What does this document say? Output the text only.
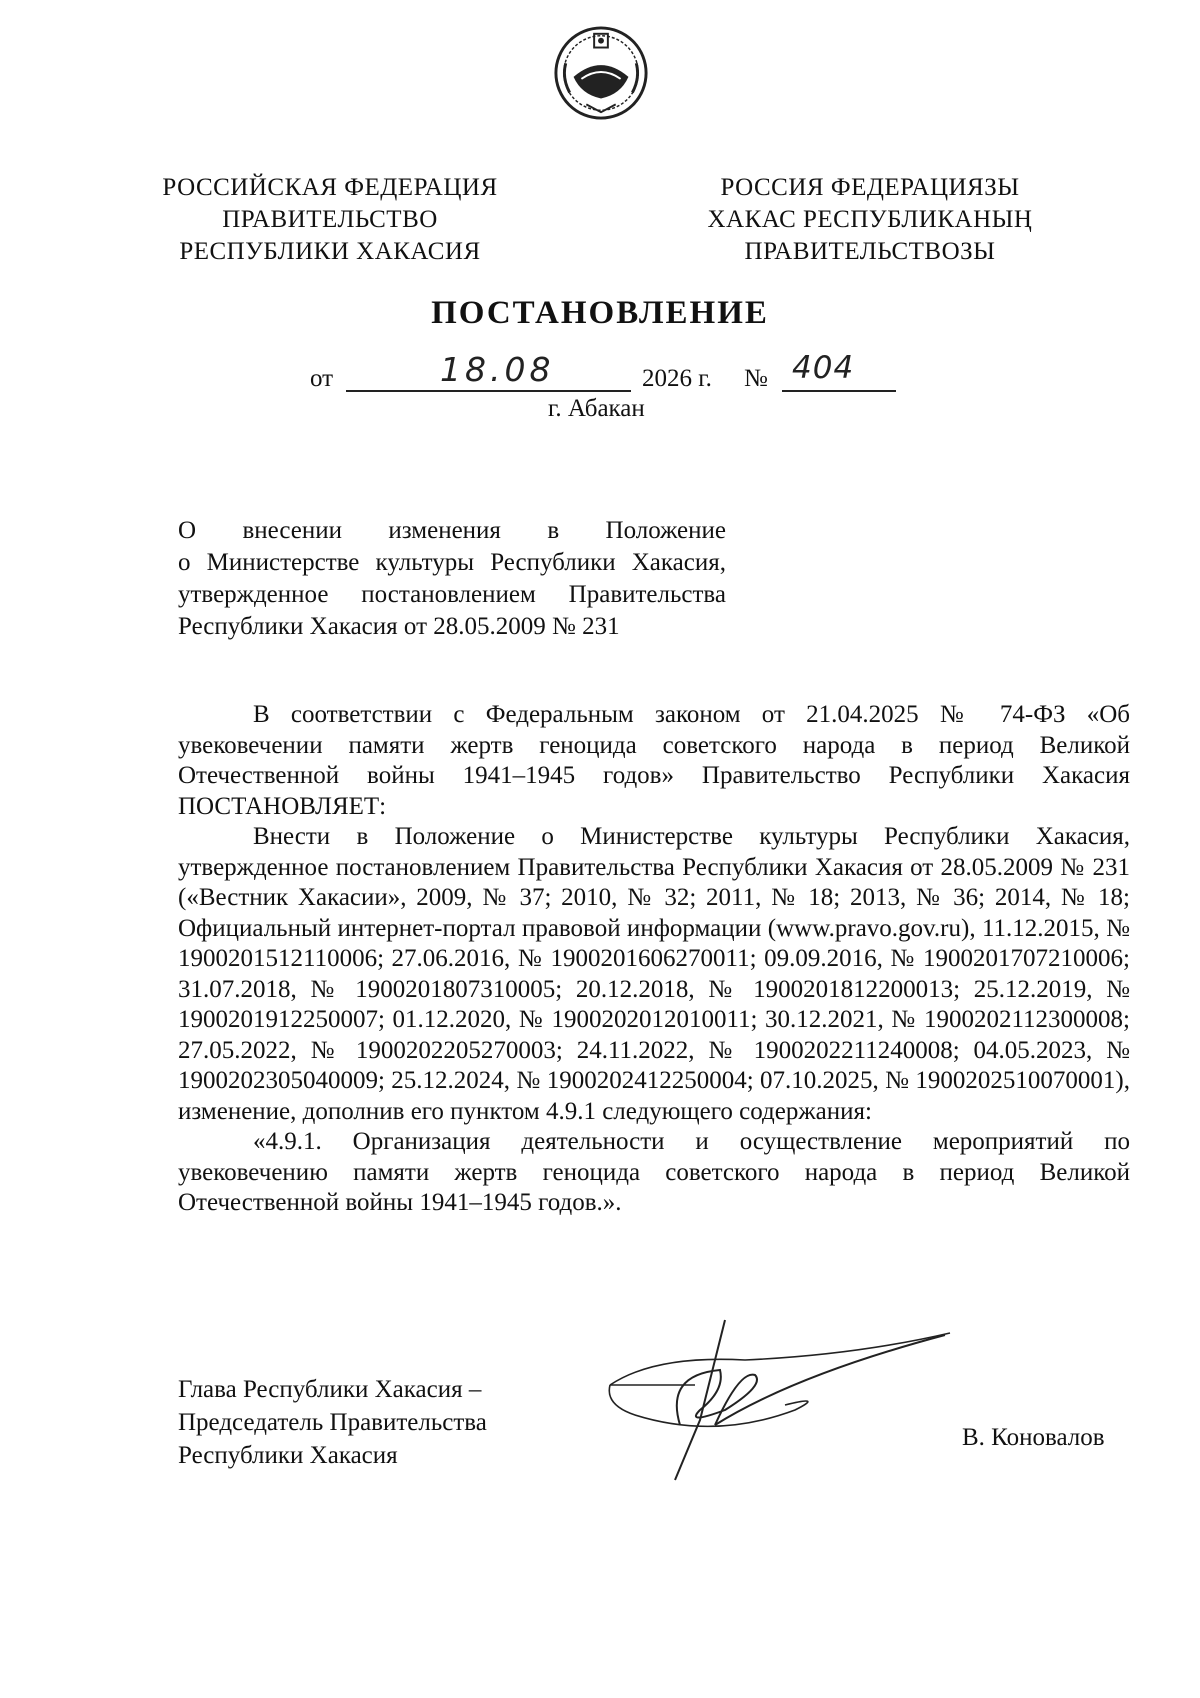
РОССИЙСКАЯ ФЕДЕРАЦИЯ
ПРАВИТЕЛЬСТВО
РЕСПУБЛИКИ ХАКАСИЯ
РОССИЯ ФЕДЕРАЦИЯЗЫ
ХАКАС РЕСПУБЛИКАНЫҢ
ПРАВИТЕЛЬСТВОЗЫ
ПОСТАНОВЛЕНИЕ
от	18.08	2026 г. № 404
г. Абакан

О внесении изменения в Положение

о Министерстве культуры Республики Хакасия,

утвержденное постановлением Правительства

Республики Хакасия от 28.05.2009 № 231

В соответствии с Федеральным законом от 21.04.2025 № 74-ФЗ «Об увековечении памяти жертв геноцида советского народа в период Великой Отечественной войны 1941–1945 годов» Правительство Республики Хакасия ПОСТАНОВЛЯЕТ:

Внести в Положение о Министерстве культуры Республики Хакасия, утвержденное постановлением Правительства Республики Хакасия от 28.05.2009 № 231 («Вестник Хакасии», 2009, № 37; 2010, № 32; 2011, № 18; 2013, № 36; 2014, № 18; Официальный интернет-портал правовой информации (www.pravo.gov.ru), 11.12.2015, № 1900201512110006; 27.06.2016, № 1900201606270011; 09.09.2016, № 1900201707210006; 31.07.2018, № 1900201807310005; 20.12.2018, № 1900201812200013; 25.12.2019, № 1900201912250007; 01.12.2020, № 1900202012010011; 30.12.2021, № 1900202112300008; 27.05.2022, № 1900202205270003; 24.11.2022, № 1900202211240008; 04.05.2023, № 1900202305040009; 25.12.2024, № 1900202412250004; 07.10.2025, № 1900202510070001), изменение, дополнив его пунктом 4.9.1 следующего содержания:

«4.9.1. Организация деятельности и осуществление мероприятий по увековечению памяти жертв геноцида советского народа в период Великой Отечественной войны 1941–1945 годов.».

Глава Республики Хакасия –
Председатель Правительства
Республики Хакасия
В. Коновалов
